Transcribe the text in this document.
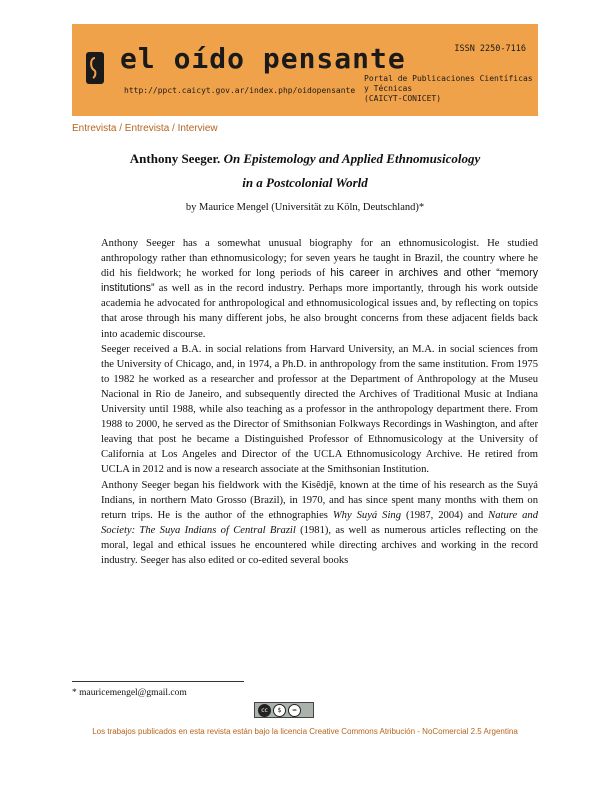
el oído pensante
http://ppct.caicyt.gov.ar/index.php/oidopensante
ISSN 2250-7116
Portal de Publicaciones Científicas y Técnicas
(CAICYT-CONICET)
Entrevista / Entrevista / Interview
Anthony Seeger. On Epistemology and Applied Ethnomusicology
in a Postcolonial World
by Maurice Mengel (Universität zu Köln, Deutschland)*

Anthony Seeger has a somewhat unusual biography for an ethnomusicologist. He studied anthropology rather than ethnomusicology; for seven years he taught in Brazil, the country where he did his fieldwork; he worked for long periods of his career in archives and other “memory institutions” as well as in the record industry. Perhaps more importantly, through his work outside academia he advocated for anthropological and ethnomusicological issues and, by reflecting on topics that arose through his many different jobs, he also brought concerns from these adjacent fields back into academic discourse.

Seeger received a B.A. in social relations from Harvard University, an M.A. in social sciences from the University of Chicago, and, in 1974, a Ph.D. in anthropology from the same institution. From 1975 to 1982 he worked as a researcher and professor at the Department of Anthropology at the Museu Nacional in Rio de Janeiro, and subsequently directed the Archives of Traditional Music at Indiana University until 1988, while also teaching as a professor in the anthropology department there. From 1988 to 2000, he served as the Director of Smithsonian Folkways Recordings in Washington, and after leaving that post he became a Distinguished Professor of Ethnomusicology at the University of California at Los Angeles and Director of the UCLA Ethnomusicology Archive. He retired from UCLA in 2012 and is now a research associate at the Smithsonian Institution.

Anthony Seeger began his fieldwork with the Kisêdjê, known at the time of his research as the Suyá Indians, in northern Mato Grosso (Brazil), in 1970, and has since spent many months with them on return trips. He is the author of the ethnographies Why Suyá Sing (1987, 2004) and Nature and Society: The Suya Indians of Central Brazil (1981), as well as numerous articles reflecting on the moral, legal and ethical issues he encountered while directing archives and working in the record industry. Seeger has also edited or co-edited several books

* mauricemengel@gmail.com
cc	$	=
Los trabajos publicados en esta revista están bajo la licencia Creative Commons Atribución - NoComercial 2.5 Argentina
